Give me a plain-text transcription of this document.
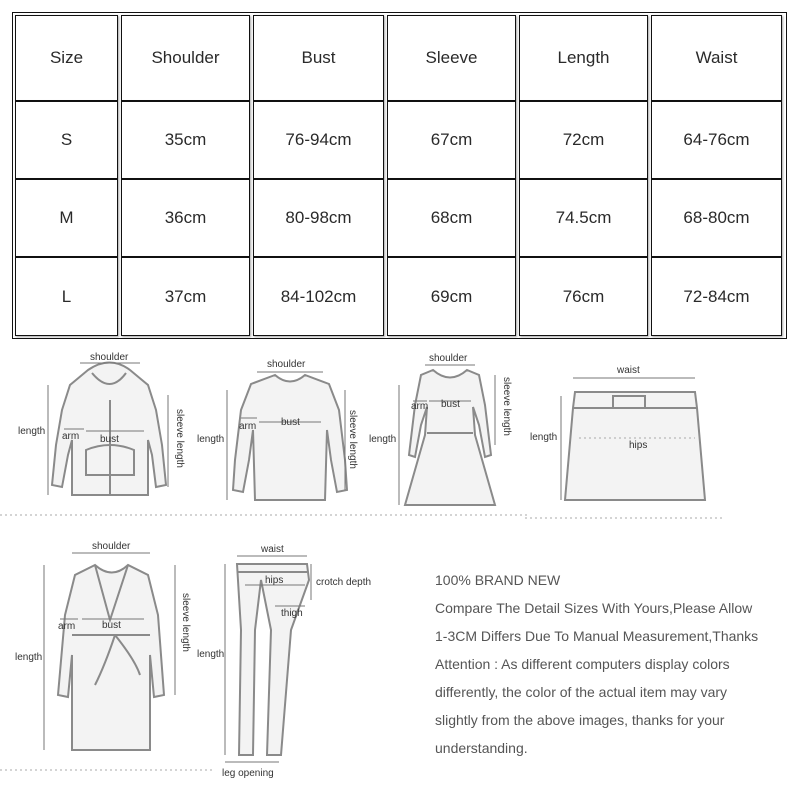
Size	Shoulder	Bust	Sleeve	Length	Waist
S	35cm	76-94cm	67cm	72cm	64-76cm
M	36cm	80-98cm	68cm	74.5cm	68-80cm
L	37cm	84-102cm	69cm	76cm	72-84cm
shoulder
length arm bust	sleeve length
shoulder
length
arm bust	sleeve length
shoulder
length
arm bust	sleeve length
waist
length
hips
shoulder
length
arm	bust	sleeve length
waist
hips	crotch depth
thigh
length
leg opening

100% BRAND NEW

Compare The Detail Sizes With Yours,Please Allow

1-3CM Differs Due To Manual Measurement,Thanks

Attention : As different computers display colors

differently, the color of the actual item may vary

slightly from the above images, thanks for your

understanding.
